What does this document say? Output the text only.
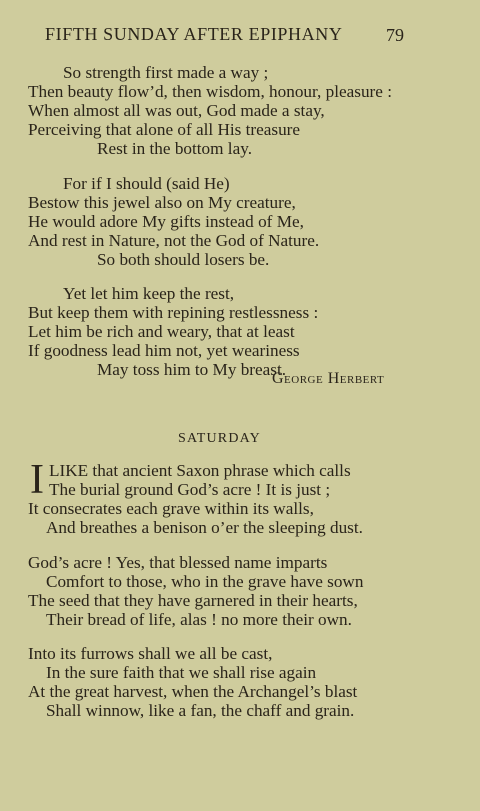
FIFTH SUNDAY AFTER EPIPHANY	79
So strength first made a way ;
Then beauty flow’d, then wisdom, honour, pleasure :
When almost all was out, God made a stay,
Perceiving that alone of all His treasure
Rest in the bottom lay.
For if I should (said He)
Bestow this jewel also on My creature,
He would adore My gifts instead of Me,
And rest in Nature, not the God of Nature.
So both should losers be.
Yet let him keep the rest,
But keep them with repining restlessness :
Let him be rich and weary, that at least
If goodness lead him not, yet weariness
May toss him to My breast.
George Herbert
SATURDAY
I LIKE that ancient Saxon phrase which calls
The burial ground God’s acre ! It is just ;
It consecrates each grave within its walls,
And breathes a benison o’er the sleeping dust.
God’s acre ! Yes, that blessed name imparts
Comfort to those, who in the grave have sown
The seed that they have garnered in their hearts,
Their bread of life, alas ! no more their own.
Into its furrows shall we all be cast,
In the sure faith that we shall rise again
At the great harvest, when the Archangel’s blast
Shall winnow, like a fan, the chaff and grain.
